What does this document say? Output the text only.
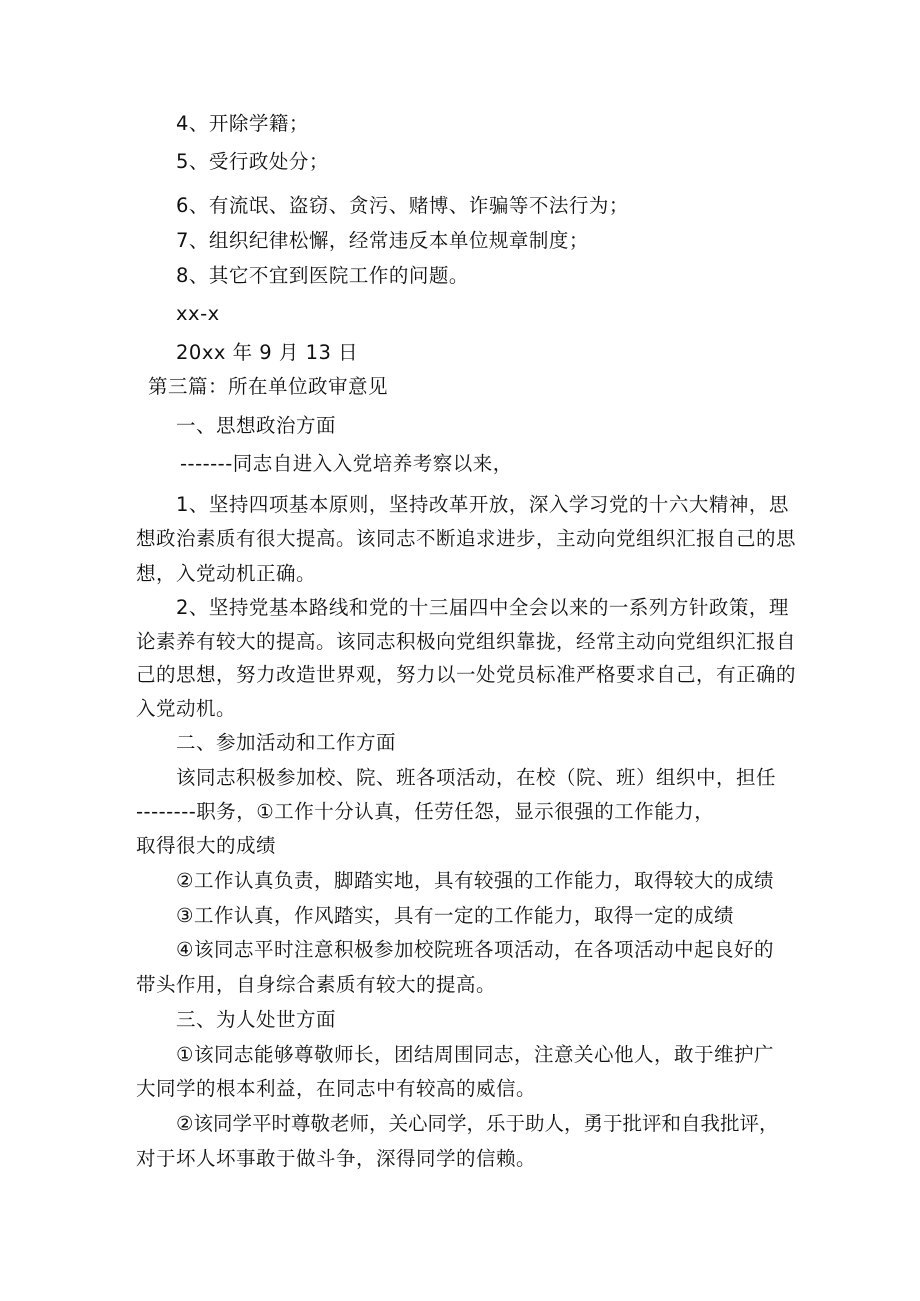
4、开除学籍；

5、受行政处分；

6、有流氓、盗窃、贪污、赌博、诈骗等不法行为；

7、组织纪律松懈，经常违反本单位规章制度；

8、其它不宜到医院工作的问题。

xx-x

20xx 年 9 月 13 日

第三篇：所在单位政审意见

一、思想政治方面

-------同志自进入入党培养考察以来，

1、坚持四项基本原则，坚持改革开放，深入学习党的十六大精神，思

想政治素质有很大提高。该同志不断追求进步，主动向党组织汇报自己的思

想，入党动机正确。

2、坚持党基本路线和党的十三届四中全会以来的一系列方针政策，理

论素养有较大的提高。该同志积极向党组织靠拢，经常主动向党组织汇报自

己的思想，努力改造世界观，努力以一处党员标准严格要求自己，有正确的

入党动机。

二、参加活动和工作方面

该同志积极参加校、院、班各项活动，在校（院、班）组织中，担任

--------职务，①工作十分认真，任劳任怨，显示很强的工作能力，

取得很大的成绩

②工作认真负责，脚踏实地，具有较强的工作能力，取得较大的成绩

③工作认真，作风踏实，具有一定的工作能力，取得一定的成绩

④该同志平时注意积极参加校院班各项活动，在各项活动中起良好的

带头作用，自身综合素质有较大的提高。

三、为人处世方面

①该同志能够尊敬师长，团结周围同志，注意关心他人，敢于维护广

大同学的根本利益，在同志中有较高的威信。

②该同学平时尊敬老师，关心同学，乐于助人，勇于批评和自我批评，

对于坏人坏事敢于做斗争，深得同学的信赖。
